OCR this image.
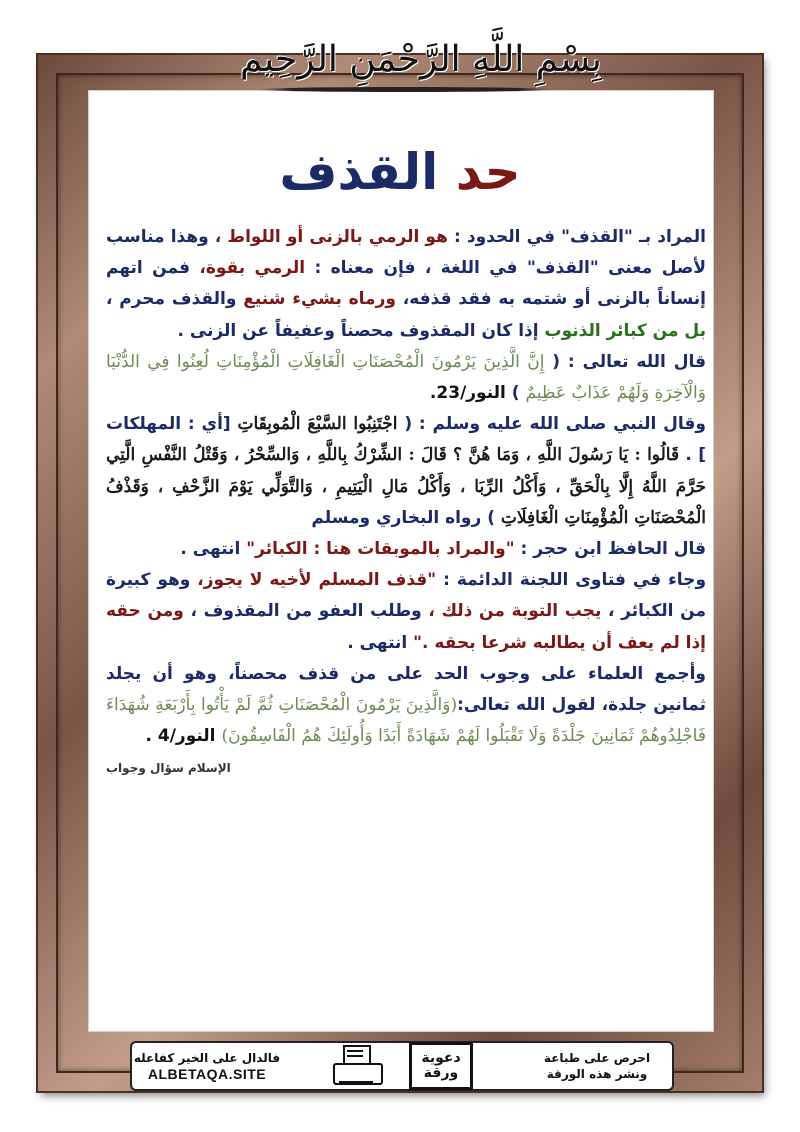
بِسْمِ اللَّهِ الرَّحْمَنِ الرَّحِيم
حد القذف

المراد بـ "القذف" في الحدود : هو الرمي بالزنى أو اللواط ، وهذا مناسب لأصل معنى "القذف" في اللغة ، فإن معناه : الرمي بقوة، فمن اتهم إنساناً بالزنى أو شتمه به فقد قذفه، ورماه بشيء شنيع والقذف محرم ، بل من كبائر الذنوب إذا كان المقذوف محصناً وعفيفاً عن الزنى .

قال الله تعالى : ( إِنَّ الَّذِينَ يَرْمُونَ الْمُحْصَنَاتِ الْغَافِلَاتِ الْمُؤْمِنَاتِ لُعِنُوا فِي الدُّنْيَا وَالْآخِرَةِ وَلَهُمْ عَذَابٌ عَظِيمٌ ) النور/23.

وقال النبي صلى الله عليه وسلم : ( اجْتَنِبُوا السَّبْعَ الْمُوبِقَاتِ [أي : المهلكات ] . قَالُوا : يَا رَسُولَ اللَّهِ ، وَمَا هُنَّ ؟ قَالَ : الشِّرْكُ بِاللَّهِ ، وَالسِّحْرُ ، وَقَتْلُ النَّفْسِ الَّتِي حَرَّمَ اللَّهُ إِلَّا بِالْحَقِّ ، وَأَكْلُ الرِّبَا ، وَأَكْلُ مَالِ الْيَتِيمِ ، وَالتَّوَلِّي يَوْمَ الزَّحْفِ ، وَقَذْفُ الْمُحْصَنَاتِ الْمُؤْمِنَاتِ الْغَافِلَاتِ ) رواه البخاري ومسلم

قال الحافظ ابن حجر : "والمراد بالموبقات هنا : الكبائر" انتهى .

وجاء في فتاوى اللجنة الدائمة : "قذف المسلم لأخيه لا يجوز، وهو كبيرة من الكبائر ، يجب التوبة من ذلك ، وطلب العفو من المقذوف ، ومن حقه إذا لم يعف أن يطالبه شرعا بحقه ." انتهى .

وأجمع العلماء على وجوب الحد على من قذف محصناً، وهو أن يجلد ثمانين جلدة، لقول الله تعالى:(وَالَّذِينَ يَرْمُونَ الْمُحْصَنَاتِ ثُمَّ لَمْ يَأْتُوا بِأَرْبَعَةِ شُهَدَاءَ فَاجْلِدُوهُمْ ثَمَانِينَ جَلْدَةً وَلَا تَقْبَلُوا لَهُمْ شَهَادَةً أَبَدًا وَأُولَئِكَ هُمُ الْفَاسِقُونَ) النور/4 .
الإسلام سؤال وجواب

احرص على طباعة
ونشر هذه الورقة
دعوية
ورقة
فالدال على الخير كفاعله
ALBETAQA.SITE
